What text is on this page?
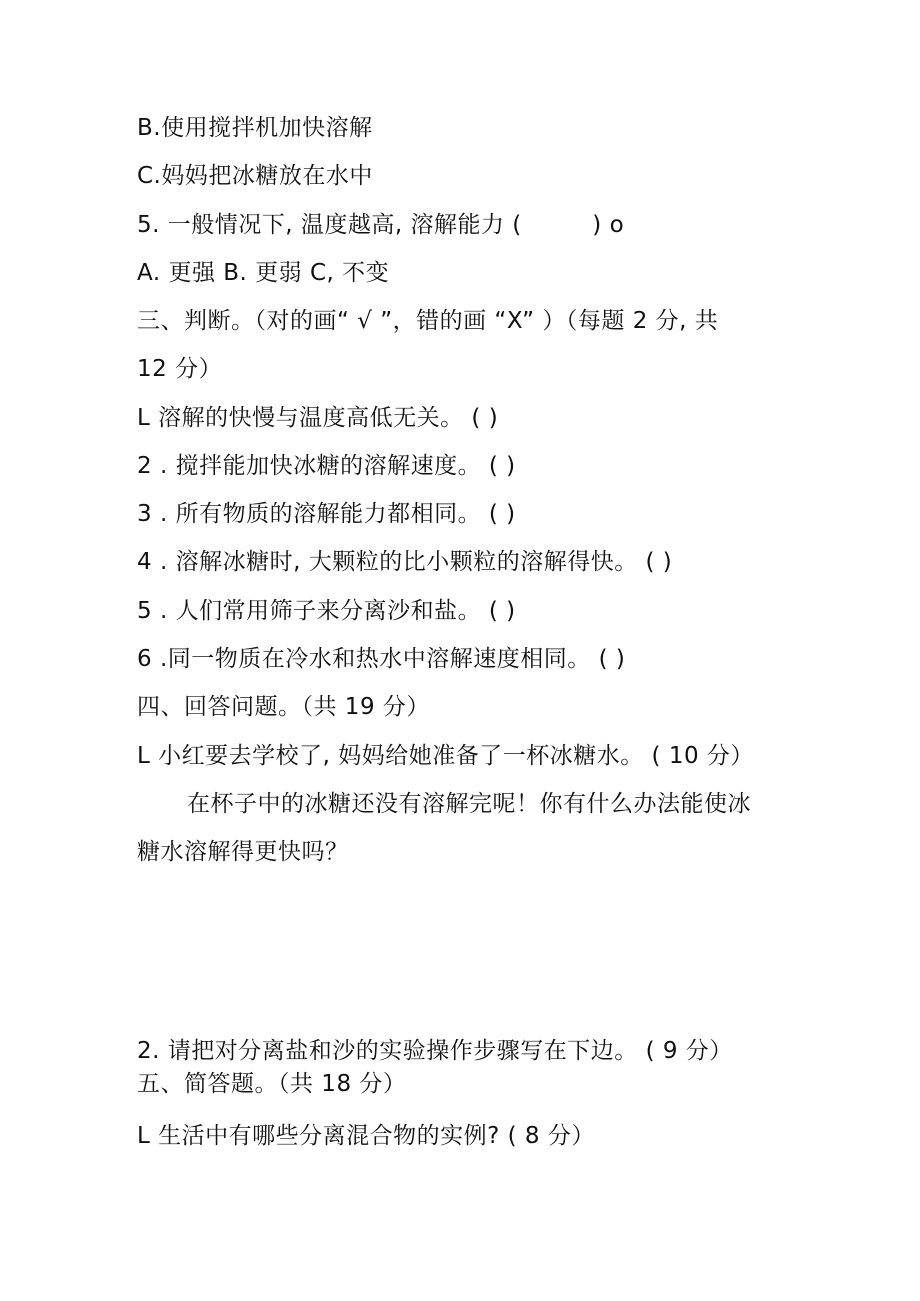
B.使用搅拌机加快溶解
C.妈妈把冰糖放在水中
5. 一般情况下, 温度越高, 溶解能力 (　　　) o
A. 更强 B. 更弱 C, 不变
三、判断。（对的画“ √ ”，错的画 “X” ）（每题 2 分, 共
12 分）
L 溶解的快慢与温度高低无关。 ( )
2 . 搅拌能加快冰糖的溶解速度。 ( )
3 . 所有物质的溶解能力都相同。 ( )
4 . 溶解冰糖时, 大颗粒的比小颗粒的溶解得快。 ( )
5 . 人们常用筛子来分离沙和盐。 ( )
6 .同一物质在冷水和热水中溶解速度相同。 ( )
四、回答问题。（共 19 分）
L 小红要去学校了, 妈妈给她准备了一杯冰糖水。 ( 10 分）
在杯子中的冰糖还没有溶解完呢！你有什么办法能使冰
糖水溶解得更快吗？
2. 请把对分离盐和沙的实验操作步骤写在下边。 ( 9 分）
五、简答题。（共 18 分）
L 生活中有哪些分离混合物的实例? ( 8 分）
